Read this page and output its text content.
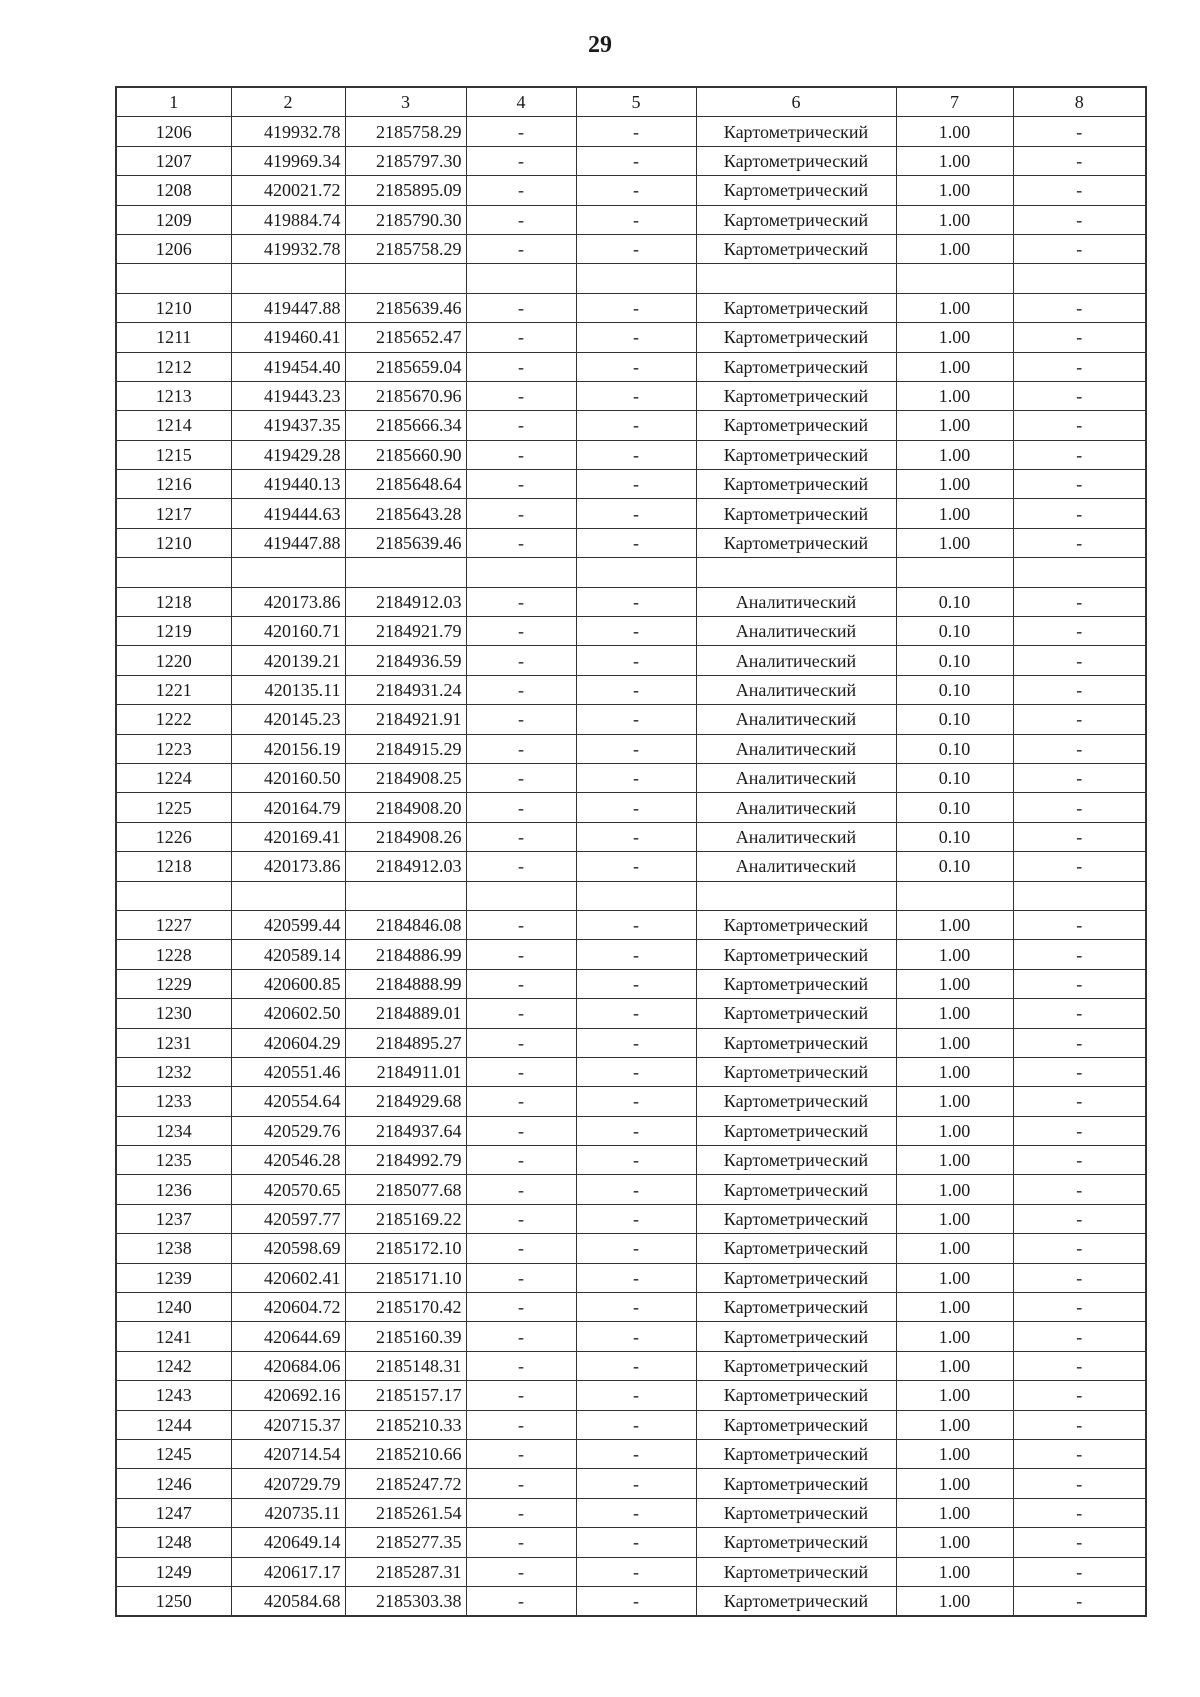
29
1	2	3	4	5	6	7	8
1206	419932.78	2185758.29	-	-	Картометрический	1.00	-
1207	419969.34	2185797.30	-	-	Картометрический	1.00	-
1208	420021.72	2185895.09	-	-	Картометрический	1.00	-
1209	419884.74	2185790.30	-	-	Картометрический	1.00	-
1206	419932.78	2185758.29	-	-	Картометрический	1.00	-

1210	419447.88	2185639.46	-	-	Картометрический	1.00	-
1211	419460.41	2185652.47	-	-	Картометрический	1.00	-
1212	419454.40	2185659.04	-	-	Картометрический	1.00	-
1213	419443.23	2185670.96	-	-	Картометрический	1.00	-
1214	419437.35	2185666.34	-	-	Картометрический	1.00	-
1215	419429.28	2185660.90	-	-	Картометрический	1.00	-
1216	419440.13	2185648.64	-	-	Картометрический	1.00	-
1217	419444.63	2185643.28	-	-	Картометрический	1.00	-
1210	419447.88	2185639.46	-	-	Картометрический	1.00	-

1218	420173.86	2184912.03	-	-	Аналитический	0.10	-
1219	420160.71	2184921.79	-	-	Аналитический	0.10	-
1220	420139.21	2184936.59	-	-	Аналитический	0.10	-
1221	420135.11	2184931.24	-	-	Аналитический	0.10	-
1222	420145.23	2184921.91	-	-	Аналитический	0.10	-
1223	420156.19	2184915.29	-	-	Аналитический	0.10	-
1224	420160.50	2184908.25	-	-	Аналитический	0.10	-
1225	420164.79	2184908.20	-	-	Аналитический	0.10	-
1226	420169.41	2184908.26	-	-	Аналитический	0.10	-
1218	420173.86	2184912.03	-	-	Аналитический	0.10	-

1227	420599.44	2184846.08	-	-	Картометрический	1.00	-
1228	420589.14	2184886.99	-	-	Картометрический	1.00	-
1229	420600.85	2184888.99	-	-	Картометрический	1.00	-
1230	420602.50	2184889.01	-	-	Картометрический	1.00	-
1231	420604.29	2184895.27	-	-	Картометрический	1.00	-
1232	420551.46	2184911.01	-	-	Картометрический	1.00	-
1233	420554.64	2184929.68	-	-	Картометрический	1.00	-
1234	420529.76	2184937.64	-	-	Картометрический	1.00	-
1235	420546.28	2184992.79	-	-	Картометрический	1.00	-
1236	420570.65	2185077.68	-	-	Картометрический	1.00	-
1237	420597.77	2185169.22	-	-	Картометрический	1.00	-
1238	420598.69	2185172.10	-	-	Картометрический	1.00	-
1239	420602.41	2185171.10	-	-	Картометрический	1.00	-
1240	420604.72	2185170.42	-	-	Картометрический	1.00	-
1241	420644.69	2185160.39	-	-	Картометрический	1.00	-
1242	420684.06	2185148.31	-	-	Картометрический	1.00	-
1243	420692.16	2185157.17	-	-	Картометрический	1.00	-
1244	420715.37	2185210.33	-	-	Картометрический	1.00	-
1245	420714.54	2185210.66	-	-	Картометрический	1.00	-
1246	420729.79	2185247.72	-	-	Картометрический	1.00	-
1247	420735.11	2185261.54	-	-	Картометрический	1.00	-
1248	420649.14	2185277.35	-	-	Картометрический	1.00	-
1249	420617.17	2185287.31	-	-	Картометрический	1.00	-
1250	420584.68	2185303.38	-	-	Картометрический	1.00	-
